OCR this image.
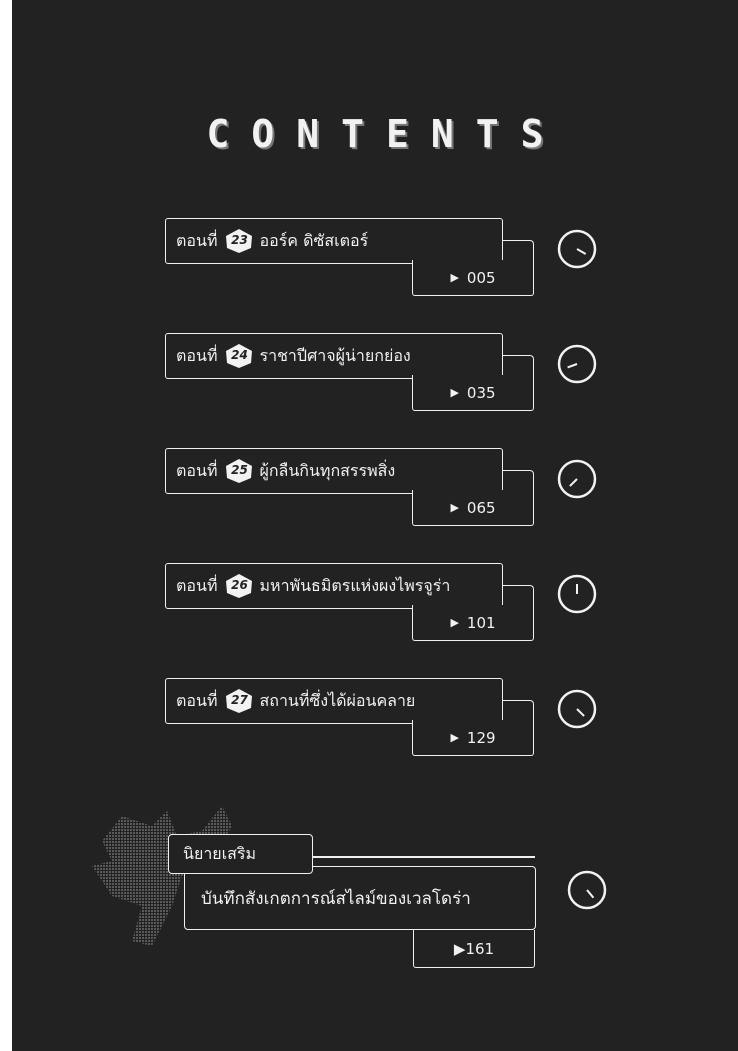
CONTENTS
ตอนที่	23 ออร์ค ดิซัสเตอร์
▶ 005
ตอนที่	24 ราชาปีศาจผู้น่ายกย่อง
▶ 035
ตอนที่	25 ผู้กลืนกินทุกสรรพสิ่ง
▶ 065
ตอนที่	26 มหาพันธมิตรแห่งผงไพรจูร่า
▶ 101
ตอนที่	27 สถานที่ซึ่งได้ผ่อนคลาย
▶ 129
นิยายเสริม
บันทึกสังเกตการณ์สไลม์ของเวลโดร่า
▶ 161
